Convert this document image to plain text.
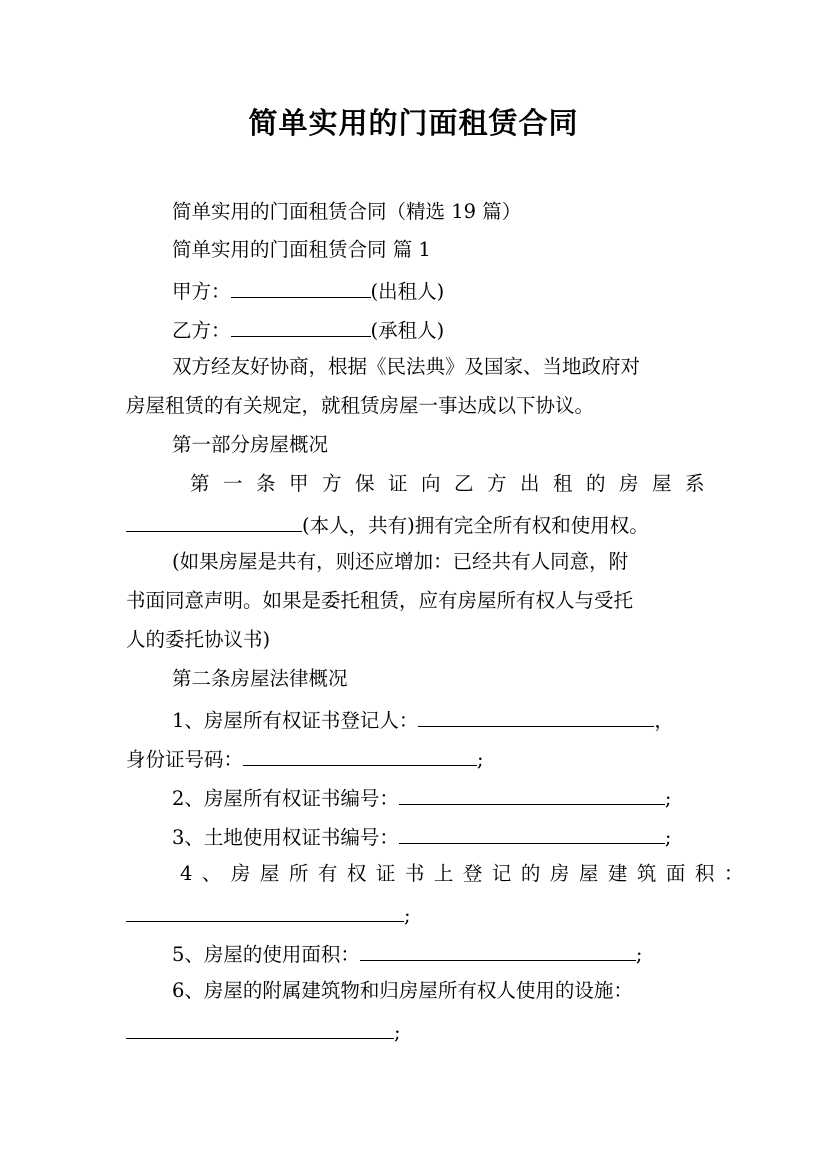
简单实用的门面租赁合同
简单实用的门面租赁合同（精选 19 篇）
简单实用的门面租赁合同 篇 1
甲方：	(出租人)
乙方：	(承租人)
双方经友好协商，根据《民法典》及国家、当地政府对
房屋租赁的有关规定，就租赁房屋一事达成以下协议。
第一部分房屋概况
第一条甲方保证向乙方出租的房屋系
(本人，共有)拥有完全所有权和使用权。
(如果房屋是共有，则还应增加：已经共有人同意，附
书面同意声明。如果是委托租赁，应有房屋所有权人与受托
人的委托协议书)
第二条房屋法律概况
1、房屋所有权证书登记人：	，
身份证号码：	;
2、房屋所有权证书编号：	;
3、土地使用权证书编号：	;
4、房屋所有权证书上登记的房屋建筑面积：
;
5、房屋的使用面积：	;
6、房屋的附属建筑物和归房屋所有权人使用的设施：
;
